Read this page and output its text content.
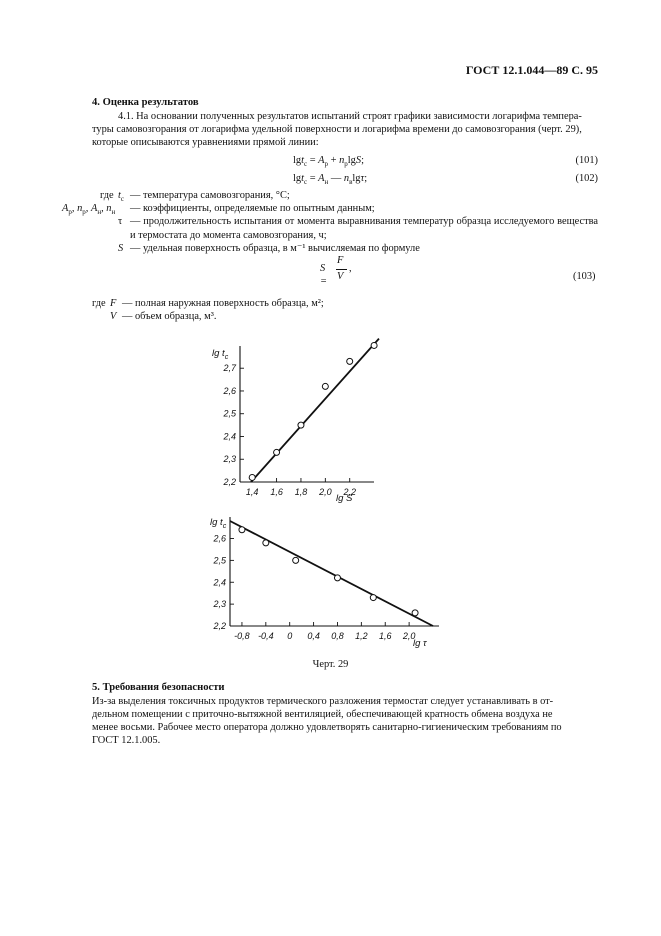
ГОСТ 12.1.044—89 С. 95
4. Оценка результатов
4.1. На основании полученных результатов испытаний строят графики зависимости логарифма темпера-
туры самовозгорания от логарифма удельной поверхности и логарифма времени до самовозгорания (черт. 29),
которые описываются уравнениями прямой линии:
$\lg t_c = A_p + n_p\lg S$;	(101)
$\lg t_c = A_н$ — $n_в\lg\tau$;	(102)
где $t_c$ — температура самовозгорания, °C;
$A_р$, $n_р$, $A_н$, $n_н$ — коэффициенты, определяемые по опытным данным;
τ — продолжительность испытания от момента выравнивания температур образца исследуемого вещества и термостата до момента самовозгорания, ч;
S — удельная поверхность образца, в м⁻¹ вычисляемая по формуле
S =
F
V
,
(103)
где F — полная наружная поверхность образца, м²;
V — объем образца, м³.
$\lg t_c$
lg S
2,2
2,3
2,4
2,5
2,6
2,7
1,4 1,6 1,8 2,0 2,2
$\lg t_c$
lg τ
2,2
2,3
2,4
2,5
2,6
-0,8 -0,4 0 0,4 0,8 1,2 1,6 2,0
Черт. 29
5. Требования безопасности
Из-за выделения токсичных продуктов термического разложения термостат следует устанавливать в от-
дельном помещении с приточно-вытяжной вентиляцией, обеспечивающей кратность обмена воздуха не
менее восьми. Рабочее место оператора должно удовлетворять санитарно-гигиеническим требованиям по
ГОСТ 12.1.005.
